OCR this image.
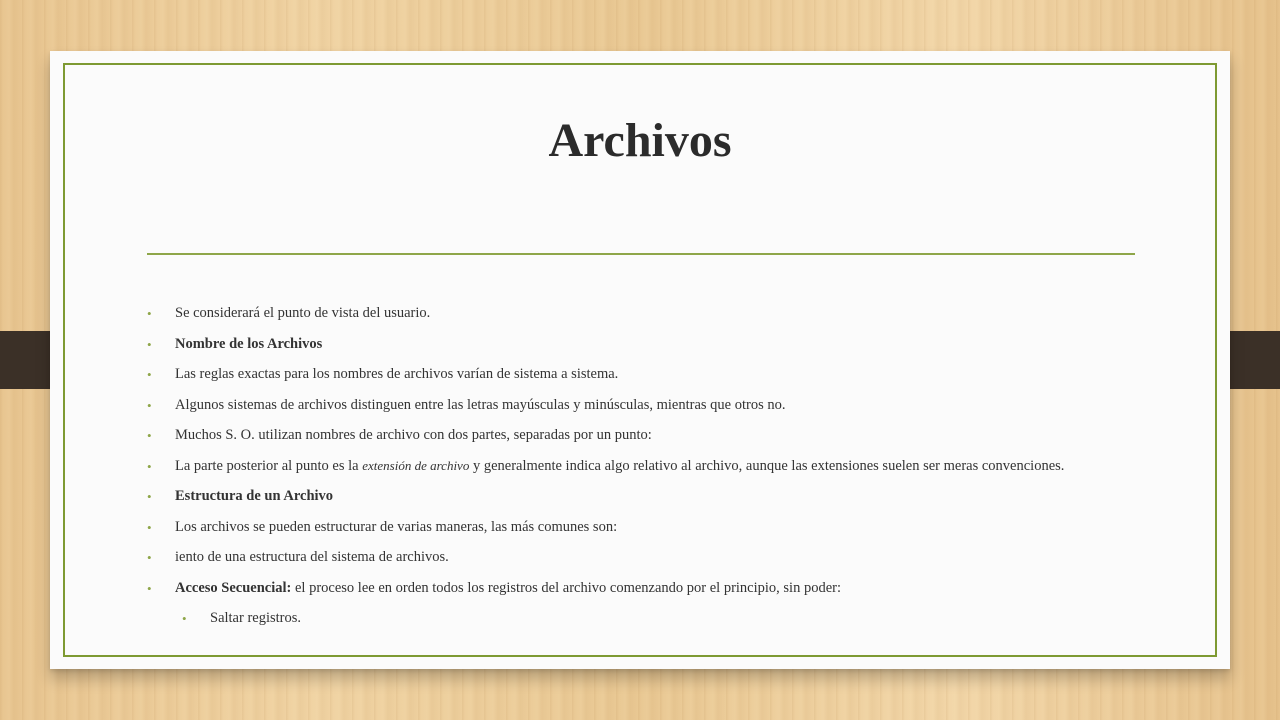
Archivos
• Se considerará el punto de vista del usuario.
• Nombre de los Archivos
• Las reglas exactas para los nombres de archivos varían de sistema a sistema.
• Algunos sistemas de archivos distinguen entre las letras mayúsculas y minúsculas, mientras que otros no.
• Muchos S. O. utilizan nombres de archivo con dos partes, separadas por un punto:
• La parte posterior al punto es la extensión de archivo y generalmente indica algo relativo al archivo, aunque las extensiones suelen ser meras convenciones.
• Estructura de un Archivo
• Los archivos se pueden estructurar de varias maneras, las más comunes son:
• iento de una estructura del sistema de archivos.
• Acceso Secuencial: el proceso lee en orden todos los registros del archivo comenzando por el principio, sin poder:
• Saltar registros.
